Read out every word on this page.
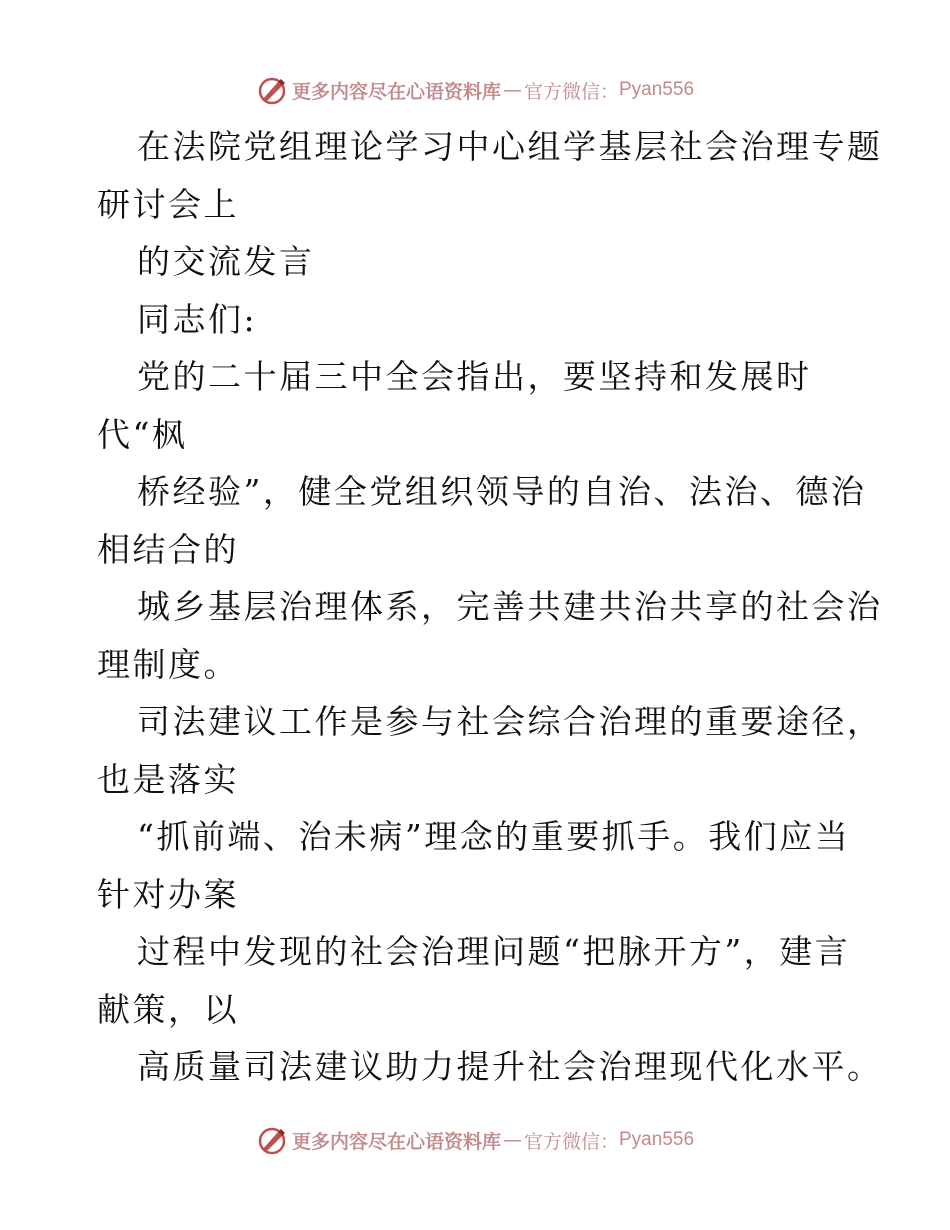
更多内容尽在心语资料库 — 官方微信： Pyan556
在法院党组理论学习中心组学基层社会治理专题
研讨会上
的交流发言
同志们:
党的二十届三中全会指出，要坚持和发展时
代“枫
桥经验”，健全党组织领导的自治、法治、德治
相结合的
城乡基层治理体系，完善共建共治共享的社会治
理制度。
司法建议工作是参与社会综合治理的重要途径，
也是落实
“抓前端、治未病”理念的重要抓手。我们应当
针对办案
过程中发现的社会治理问题“把脉开方”，建言
献策，以
高质量司法建议助力提升社会治理现代化水平。
更多内容尽在心语资料库 — 官方微信： Pyan556
